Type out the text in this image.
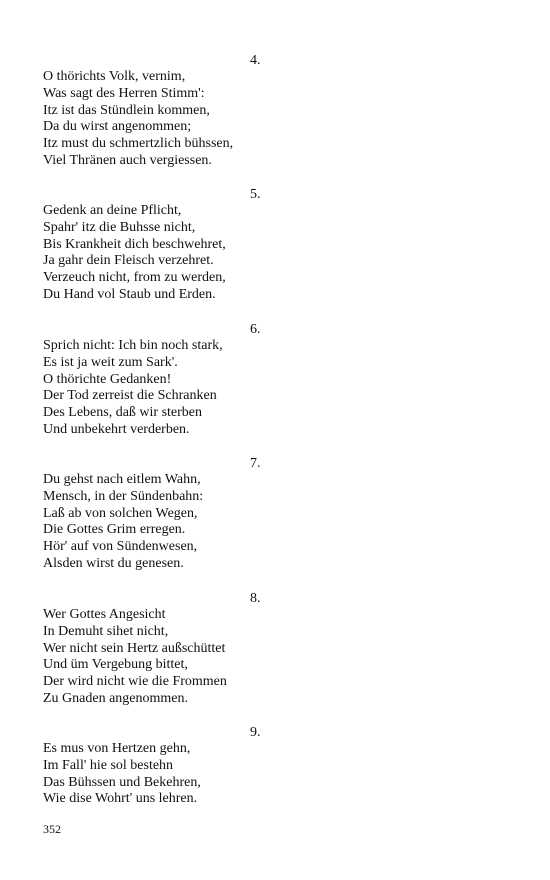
4.
O thörichts Volk, vernim,
Was sagt des Herren Stimm':
Itz ist das Stündlein kommen,
Da du wirst angenommen;
Itz must du schmertzlich bühssen,
Viel Thränen auch vergiessen.
5.
Gedenk an deine Pflicht,
Spahr' itz die Buhsse nicht,
Bis Krankheit dich beschwehret,
Ja gahr dein Fleisch verzehret.
Verzeuch nicht, from zu werden,
Du Hand vol Staub und Erden.
6.
Sprich nicht: Ich bin noch stark,
Es ist ja weit zum Sark'.
O thörichte Gedanken!
Der Tod zerreist die Schranken
Des Lebens, daß wir sterben
Und unbekehrt verderben.
7.
Du gehst nach eitlem Wahn,
Mensch, in der Sündenbahn:
Laß ab von solchen Wegen,
Die Gottes Grim erregen.
Hör' auf von Sündenwesen,
Alsden wirst du genesen.
8.
Wer Gottes Angesicht
In Demuht sihet nicht,
Wer nicht sein Hertz außschüttet
Und üm Vergebung bittet,
Der wird nicht wie die Frommen
Zu Gnaden angenommen.
9.
Es mus von Hertzen gehn,
Im Fall' hie sol bestehn
Das Bühssen und Bekehren,
Wie dise Wohrt' uns lehren.
352
